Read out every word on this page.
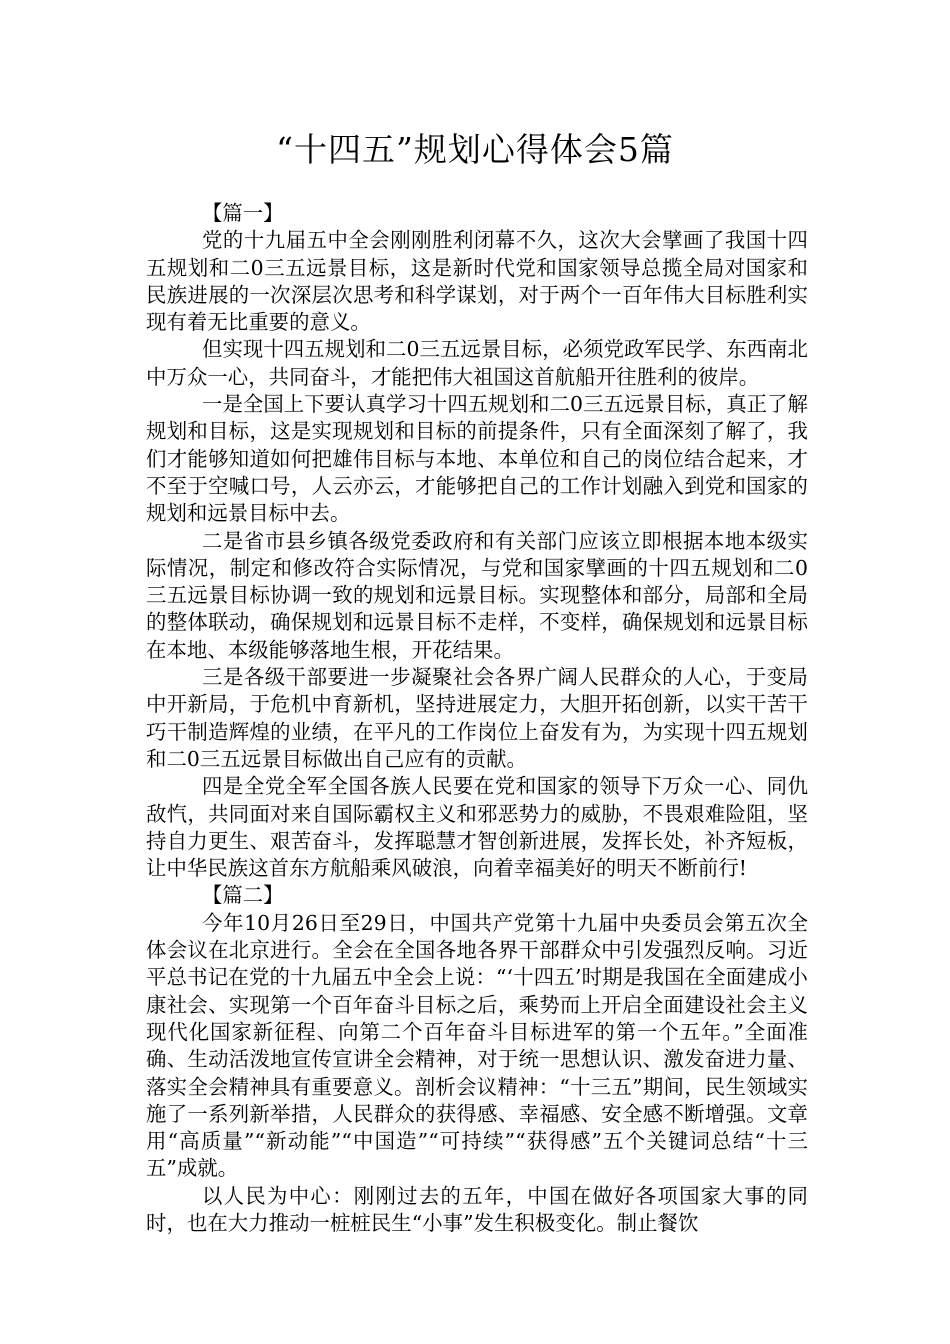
“十四五”规划心得体会5篇

【篇一】

党的十九届五中全会刚刚胜利闭幕不久，这次大会擘画了我国十四五规划和二0三五远景目标，这是新时代党和国家领导总揽全局对国家和民族进展的一次深层次思考和科学谋划，对于两个一百年伟大目标胜利实现有着无比重要的意义。

但实现十四五规划和二0三五远景目标，必须党政军民学、东西南北中万众一心，共同奋斗，才能把伟大祖国这首航船开往胜利的彼岸。

一是全国上下要认真学习十四五规划和二0三五远景目标，真正了解规划和目标，这是实现规划和目标的前提条件，只有全面深刻了解了，我们才能够知道如何把雄伟目标与本地、本单位和自己的岗位结合起来，才不至于空喊口号，人云亦云，才能够把自己的工作计划融入到党和国家的规划和远景目标中去。

二是省市县乡镇各级党委政府和有关部门应该立即根据本地本级实际情况，制定和修改符合实际情况，与党和国家擘画的十四五规划和二0三五远景目标协调一致的规划和远景目标。实现整体和部分，局部和全局的整体联动，确保规划和远景目标不走样，不变样，确保规划和远景目标在本地、本级能够落地生根，开花结果。

三是各级干部要进一步凝聚社会各界广阔人民群众的人心，于变局中开新局，于危机中育新机，坚持进展定力，大胆开拓创新，以实干苦干巧干制造辉煌的业绩，在平凡的工作岗位上奋发有为，为实现十四五规划和二0三五远景目标做出自己应有的贡献。

四是全党全军全国各族人民要在党和国家的领导下万众一心、同仇敌忾，共同面对来自国际霸权主义和邪恶势力的威胁，不畏艰难险阻，坚持自力更生、艰苦奋斗，发挥聪慧才智创新进展，发挥长处，补齐短板，让中华民族这首东方航船乘风破浪，向着幸福美好的明天不断前行!

【篇二】

今年10月26日至29日，中国共产党第十九届中央委员会第五次全体会议在北京进行。全会在全国各地各界干部群众中引发强烈反响。习近平总书记在党的十九届五中全会上说：“‘十四五’时期是我国在全面建成小康社会、实现第一个百年奋斗目标之后，乘势而上开启全面建设社会主义现代化国家新征程、向第二个百年奋斗目标进军的第一个五年。”全面准确、生动活泼地宣传宣讲全会精神，对于统一思想认识、激发奋进力量、落实全会精神具有重要意义。剖析会议精神：“十三五”期间，民生领域实施了一系列新举措，人民群众的获得感、幸福感、安全感不断增强。文章用“高质量”“新动能”“中国造”“可持续”“获得感”五个关键词总结“十三五”成就。

以人民为中心：刚刚过去的五年，中国在做好各项国家大事的同时，也在大力推动一桩桩民生“小事”发生积极变化。制止餐饮
